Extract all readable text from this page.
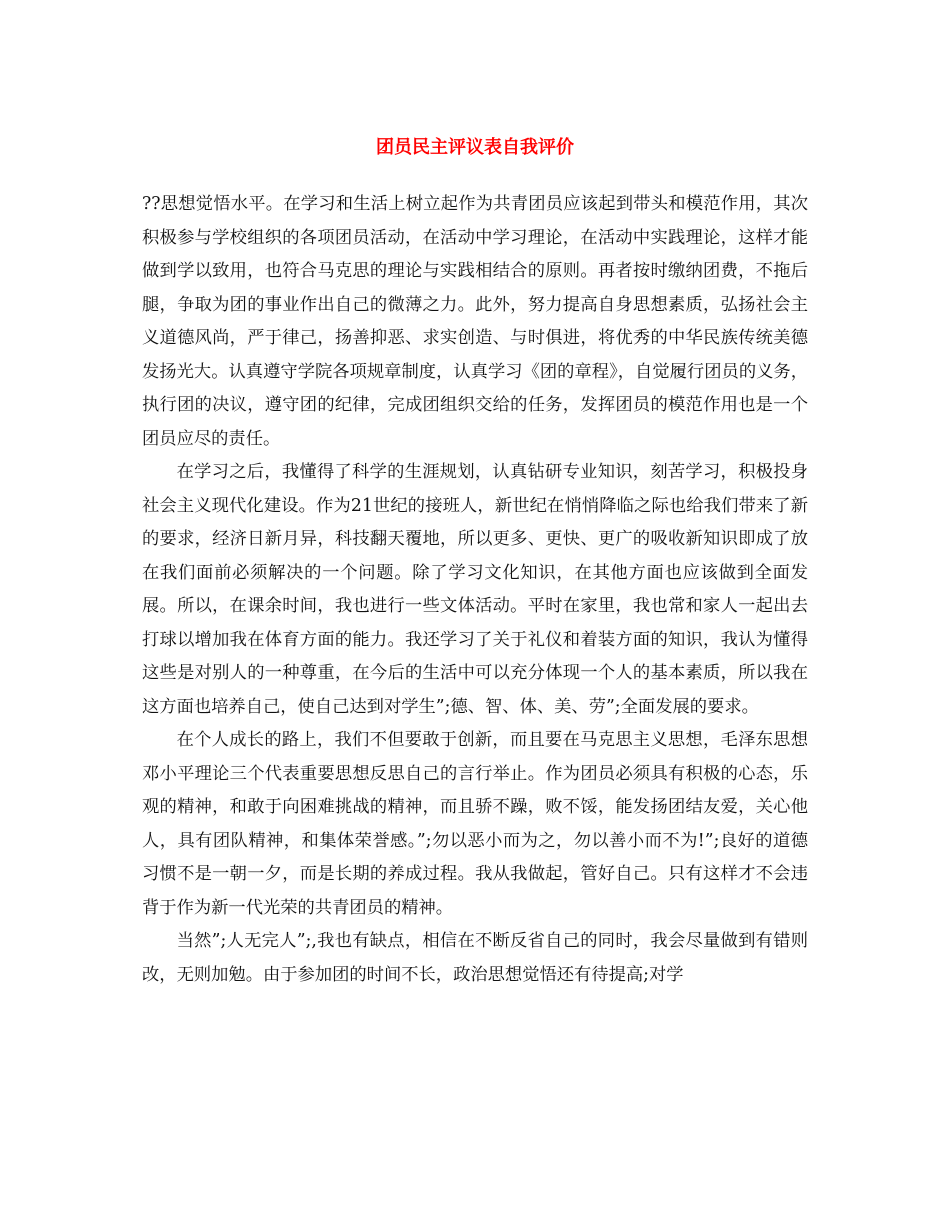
团员民主评议表自我评价

??思想觉悟水平。在学习和生活上树立起作为共青团员应该起到带头和模范作用，其次积极参与学校组织的各项团员活动，在活动中学习理论，在活动中实践理论，这样才能做到学以致用，也符合马克思的理论与实践相结合的原则。再者按时缴纳团费，不拖后腿，争取为团的事业作出自己的微薄之力。此外，努力提高自身思想素质，弘扬社会主义道德风尚，严于律己，扬善抑恶、求实创造、与时俱进，将优秀的中华民族传统美德发扬光大。认真遵守学院各项规章制度，认真学习《团的章程》，自觉履行团员的义务，执行团的决议，遵守团的纪律，完成团组织交给的任务，发挥团员的模范作用也是一个团员应尽的责任。

在学习之后，我懂得了科学的生涯规划，认真钻研专业知识，刻苦学习，积极投身社会主义现代化建设。作为21世纪的接班人，新世纪在悄悄降临之际也给我们带来了新的要求，经济日新月异，科技翻天覆地，所以更多、更快、更广的吸收新知识即成了放在我们面前必须解决的一个问题。除了学习文化知识，在其他方面也应该做到全面发展。所以，在课余时间，我也进行一些文体活动。平时在家里，我也常和家人一起出去打球以增加我在体育方面的能力。我还学习了关于礼仪和着装方面的知识，我认为懂得这些是对别人的一种尊重，在今后的生活中可以充分体现一个人的基本素质，所以我在这方面也培养自己，使自己达到对学生”;德、智、体、美、劳”;全面发展的要求。

在个人成长的路上，我们不但要敢于创新，而且要在马克思主义思想，毛泽东思想邓小平理论三个代表重要思想反思自己的言行举止。作为团员必须具有积极的心态，乐观的精神，和敢于向困难挑战的精神，而且骄不躁，败不馁，能发扬团结友爱，关心他人，具有团队精神，和集体荣誉感。”;勿以恶小而为之，勿以善小而不为!”;良好的道德习惯不是一朝一夕，而是长期的养成过程。我从我做起，管好自己。只有这样才不会违背于作为新一代光荣的共青团员的精神。

当然”;人无完人”;,我也有缺点，相信在不断反省自己的同时，我会尽量做到有错则改，无则加勉。由于参加团的时间不长，政治思想觉悟还有待提高;对学
